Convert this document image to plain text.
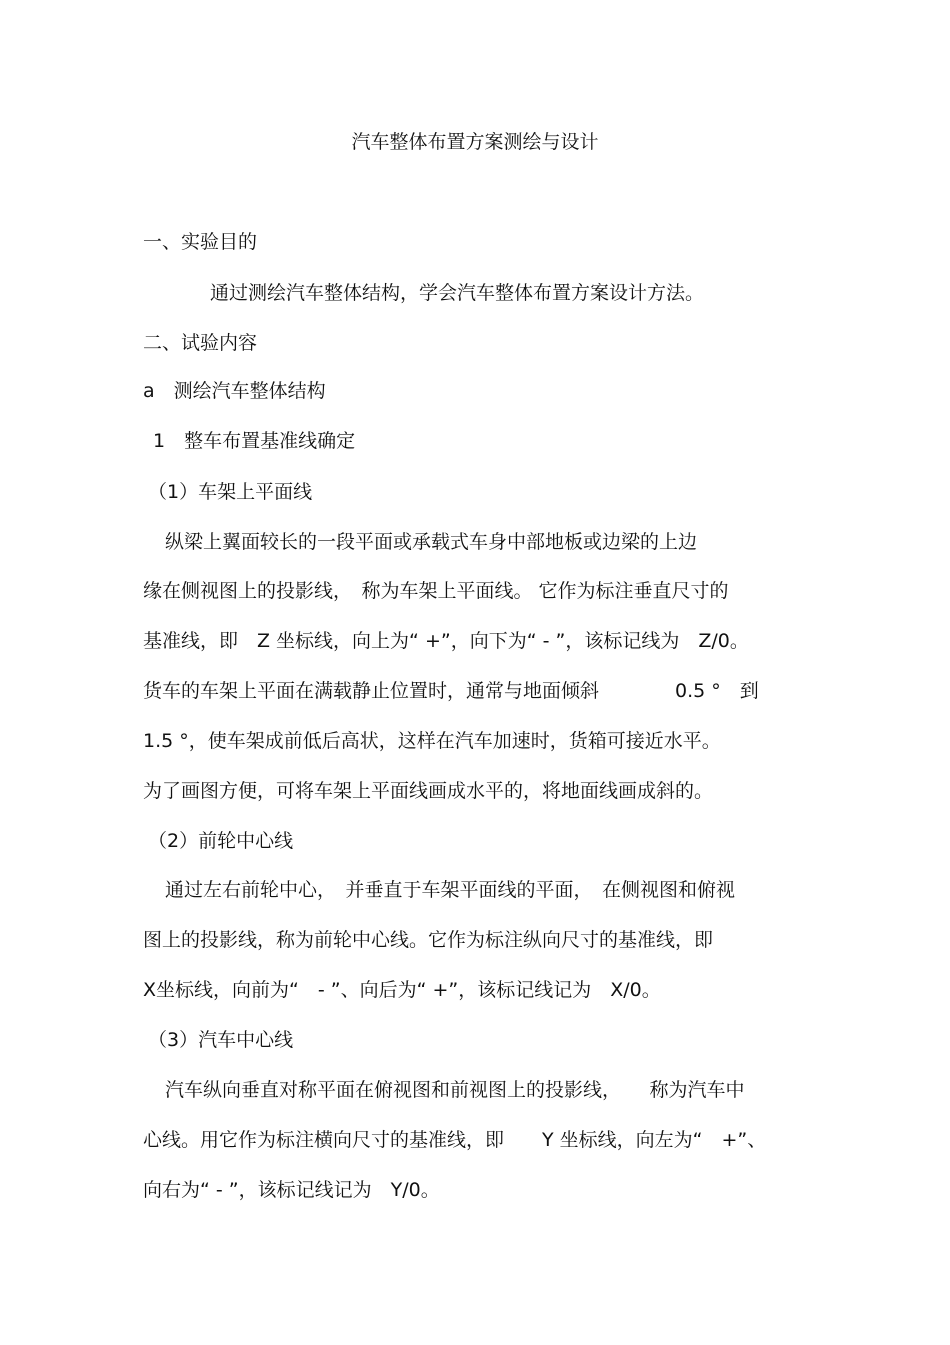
汽车整体布置方案测绘与设计
一、实验目的
通过测绘汽车整体结构，学会汽车整体布置方案设计方法。
二、试验内容
a　测绘汽车整体结构
1　整车布置基准线确定
（1）车架上平面线
纵梁上翼面较长的一段平面或承载式车身中部地板或边梁的上边
缘在侧视图上的投影线，　称为车架上平面线。 它作为标注垂直尺寸的
基准线，即　Z 坐标线，向上为“ +”，向下为“ - ”，该标记线为　Z/0。
货车的车架上平面在满载静止位置时，通常与地面倾斜　　　　0.5 °　到
1.5 °，使车架成前低后高状，这样在汽车加速时，货箱可接近水平。
为了画图方便，可将车架上平面线画成水平的，将地面线画成斜的。
（2）前轮中心线
通过左右前轮中心，　并垂直于车架平面线的平面，　在侧视图和俯视
图上的投影线，称为前轮中心线。它作为标注纵向尺寸的基准线，即
X坐标线，向前为“　- ”、向后为“ +”，该标记线记为　X/0。
（3）汽车中心线
汽车纵向垂直对称平面在俯视图和前视图上的投影线，　　称为汽车中
心线。用它作为标注横向尺寸的基准线，即　　Y 坐标线，向左为“　+”、
向右为“ - ”，该标记线记为　Y/0。
